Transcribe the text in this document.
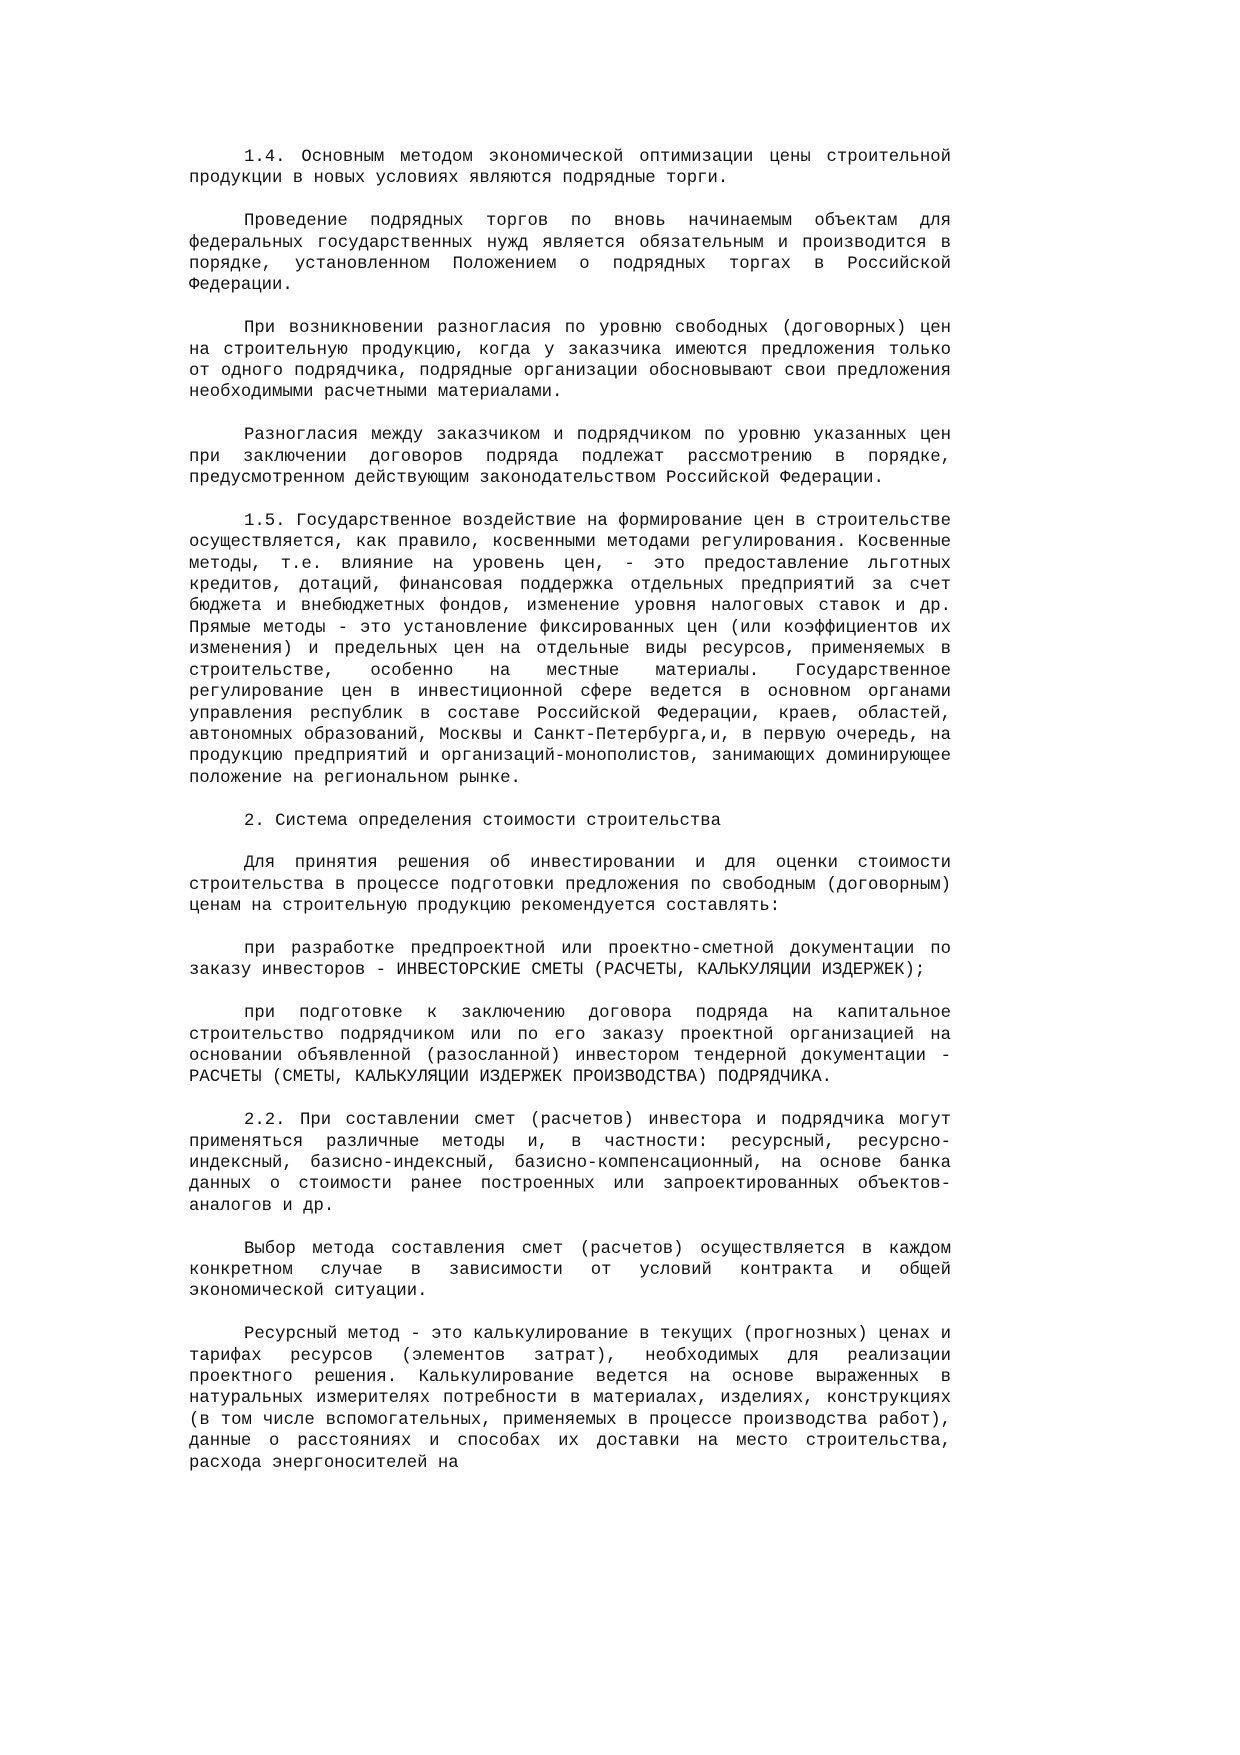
1.4. Основным методом экономической оптимизации цены строительной продукции в новых условиях являются подрядные торги.

Проведение подрядных торгов по вновь начинаемым объектам для федеральных государственных нужд является обязательным и производится в порядке, установленном Положением о подрядных торгах в Российской Федерации.

При возникновении разногласия по уровню свободных (договорных) цен на строительную продукцию, когда у заказчика имеются предложения только от одного подрядчика, подрядные организации обосновывают свои предложения необходимыми расчетными материалами.

Разногласия между заказчиком и подрядчиком по уровню указанных цен при заключении договоров подряда подлежат рассмотрению в порядке, предусмотренном действующим законодательством Российской Федерации.

1.5. Государственное воздействие на формирование цен в строительстве осуществляется, как правило, косвенными методами регулирования. Косвенные методы, т.е. влияние на уровень цен, - это предоставление льготных кредитов, дотаций, финансовая поддержка отдельных предприятий за счет бюджета и внебюджетных фондов, изменение уровня налоговых ставок и др. Прямые методы - это установление фиксированных цен (или коэффициентов их изменения) и предельных цен на отдельные виды ресурсов, применяемых в строительстве, особенно на местные материалы. Государственное регулирование цен в инвестиционной сфере ведется в основном органами управления республик в составе Российской Федерации, краев, областей, автономных образований, Москвы и Санкт-Петербурга,и, в первую очередь, на продукцию предприятий и организаций-монополистов, занимающих доминирующее положение на региональном рынке.

2. Система определения стоимости строительства

Для принятия решения об инвестировании и для оценки стоимости строительства в процессе подготовки предложения по свободным (договорным) ценам на строительную продукцию рекомендуется составлять:

при разработке предпроектной или проектно-сметной документации по заказу инвесторов - ИНВЕСТОРСКИЕ СМЕТЫ (РАСЧЕТЫ, КАЛЬКУЛЯЦИИ ИЗДЕРЖЕК);

при подготовке к заключению договора подряда на капитальное строительство подрядчиком или по его заказу проектной организацией на основании объявленной (разосланной) инвестором тендерной документации - РАСЧЕТЫ (СМЕТЫ, КАЛЬКУЛЯЦИИ ИЗДЕРЖЕК ПРОИЗВОДСТВА) ПОДРЯДЧИКА.

2.2. При составлении смет (расчетов) инвестора и подрядчика могут применяться различные методы и, в частности: ресурсный, ресурсно-индексный, базисно-индексный, базисно-компенсационный, на основе банка данных о стоимости ранее построенных или запроектированных объектов-аналогов и др.

Выбор метода составления смет (расчетов) осуществляется в каждом конкретном случае в зависимости от условий контракта и общей экономической ситуации.

Ресурсный метод - это калькулирование в текущих (прогнозных) ценах и тарифах ресурсов (элементов затрат), необходимых для реализации проектного решения. Калькулирование ведется на основе выраженных в натуральных измерителях потребности в материалах, изделиях, конструкциях (в том числе вспомогательных, применяемых в процессе производства работ), данные о расстояниях и способах их доставки на место строительства, расхода энергоносителей на
